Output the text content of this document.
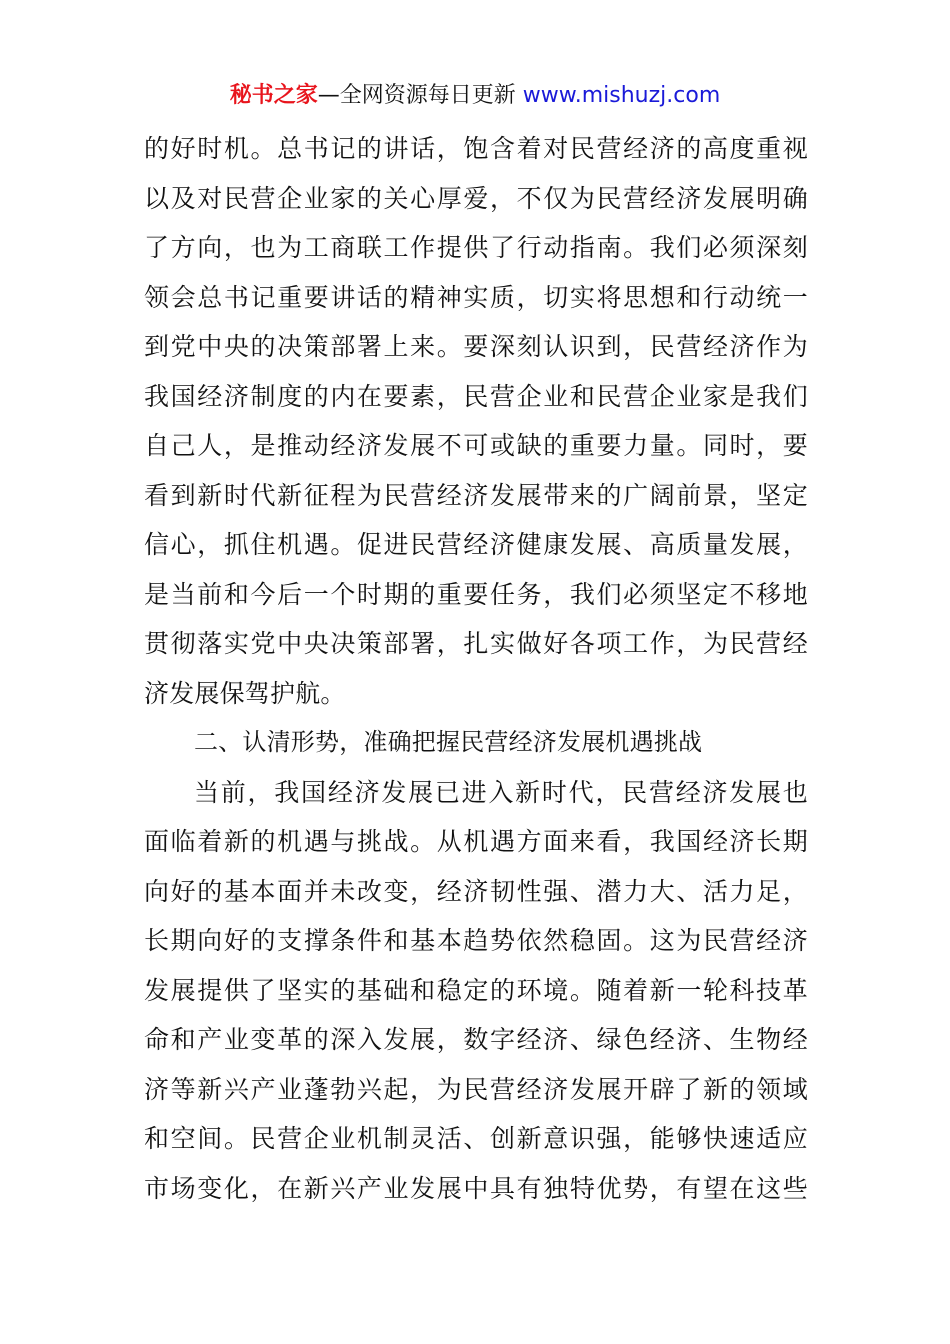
秘书之家—全网资源每日更新 www.mishuzj.com
的好时机。总书记的讲话，饱含着对民营经济的高度重视
以及对民营企业家的关心厚爱，不仅为民营经济发展明确
了方向，也为工商联工作提供了行动指南。我们必须深刻
领会总书记重要讲话的精神实质，切实将思想和行动统一
到党中央的决策部署上来。要深刻认识到，民营经济作为
我国经济制度的内在要素，民营企业和民营企业家是我们
自己人，是推动经济发展不可或缺的重要力量。同时，要
看到新时代新征程为民营经济发展带来的广阔前景，坚定
信心，抓住机遇。促进民营经济健康发展、高质量发展，
是当前和今后一个时期的重要任务，我们必须坚定不移地
贯彻落实党中央决策部署，扎实做好各项工作，为民营经
济发展保驾护航。
二、认清形势，准确把握民营经济发展机遇挑战
当前，我国经济发展已进入新时代，民营经济发展也
面临着新的机遇与挑战。从机遇方面来看，我国经济长期
向好的基本面并未改变，经济韧性强、潜力大、活力足，
长期向好的支撑条件和基本趋势依然稳固。这为民营经济
发展提供了坚实的基础和稳定的环境。随着新一轮科技革
命和产业变革的深入发展，数字经济、绿色经济、生物经
济等新兴产业蓬勃兴起，为民营经济发展开辟了新的领域
和空间。民营企业机制灵活、创新意识强，能够快速适应
市场变化，在新兴产业发展中具有独特优势，有望在这些
